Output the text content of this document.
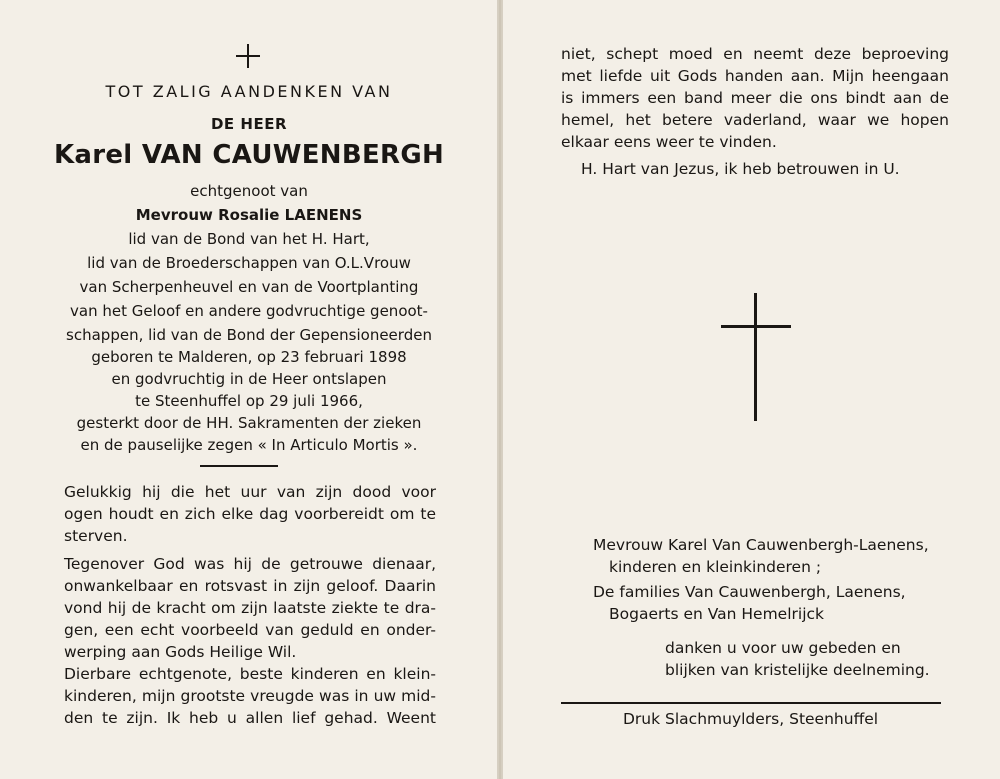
TOT ZALIG AANDENKEN VAN
DE HEER
Karel VAN CAUWENBERGH
echtgenoot van
Mevrouw Rosalie LAENENS
lid van de Bond van het H. Hart,
lid van de Broederschappen van O.L.Vrouw
van Scherpenheuvel en van de Voortplanting
van het Geloof en andere godvruchtige genoot-
schappen, lid van de Bond der Gepensioneerden
geboren te Malderen, op 23 februari 1898
en godvruchtig in de Heer ontslapen
te Steenhuffel op 29 juli 1966,
gesterkt door de HH. Sakramenten der zieken
en de pauselijke zegen « In Articulo Mortis ».
Gelukkig hij die het uur van zijn dood voor
ogen houdt en zich elke dag voorbereidt om te
sterven.
Tegenover God was hij de getrouwe dienaar,
onwankelbaar en rotsvast in zijn geloof. Daarin
vond hij de kracht om zijn laatste ziekte te dra-
gen, een echt voorbeeld van geduld en onder-
werping aan Gods Heilige Wil.
Dierbare echtgenote, beste kinderen en klein-
kinderen, mijn grootste vreugde was in uw mid-
den te zijn. Ik heb u allen lief gehad. Weent
niet, schept moed en neemt deze beproeving
met liefde uit Gods handen aan. Mijn heengaan
is immers een band meer die ons bindt aan de
hemel, het betere vaderland, waar we hopen
elkaar eens weer te vinden.
H. Hart van Jezus, ik heb betrouwen in U.
Mevrouw Karel Van Cauwenbergh-Laenens,
kinderen en kleinkinderen ;
De families Van Cauwenbergh, Laenens,
Bogaerts en Van Hemelrijck
danken u voor uw gebeden en
blijken van kristelijke deelneming.
Druk Slachmuylders, Steenhuffel
